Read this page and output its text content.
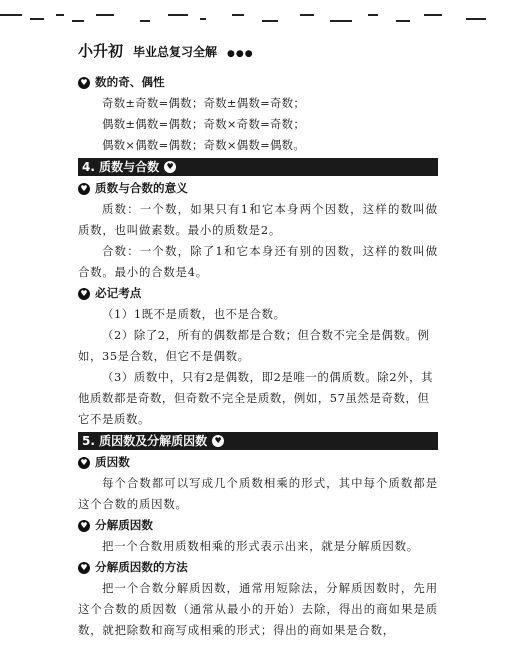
小升初 毕业总复习全解 ●●●
♥ 数的奇、偶性
奇数±奇数=偶数；奇数±偶数=奇数；
偶数±偶数=偶数；奇数×奇数=奇数；
偶数×偶数=偶数；奇数×偶数=偶数。
4. 质数与合数 ♥
♥ 质数与合数的意义
质数：一个数，如果只有1和它本身两个因数，这样的数叫做质数，也叫做素数。最小的质数是2。
合数：一个数，除了1和它本身还有别的因数，这样的数叫做合数。最小的合数是4。
♥ 必记考点
（1）1既不是质数，也不是合数。
（2）除了2，所有的偶数都是合数；但合数不完全是偶数。例如，35是合数，但它不是偶数。
（3）质数中，只有2是偶数，即2是唯一的偶质数。除2外，其他质数都是奇数，但奇数不完全是质数，例如，57虽然是奇数，但它不是质数。
5. 质因数及分解质因数 ♥
♥ 质因数
每个合数都可以写成几个质数相乘的形式，其中每个质数都是这个合数的质因数。
♥ 分解质因数
把一个合数用质数相乘的形式表示出来，就是分解质因数。
♥ 分解质因数的方法
把一个合数分解质因数，通常用短除法，分解质因数时，先用这个合数的质因数（通常从最小的开始）去除，得出的商如果是质数，就把除数和商写成相乘的形式；得出的商如果是合数，
